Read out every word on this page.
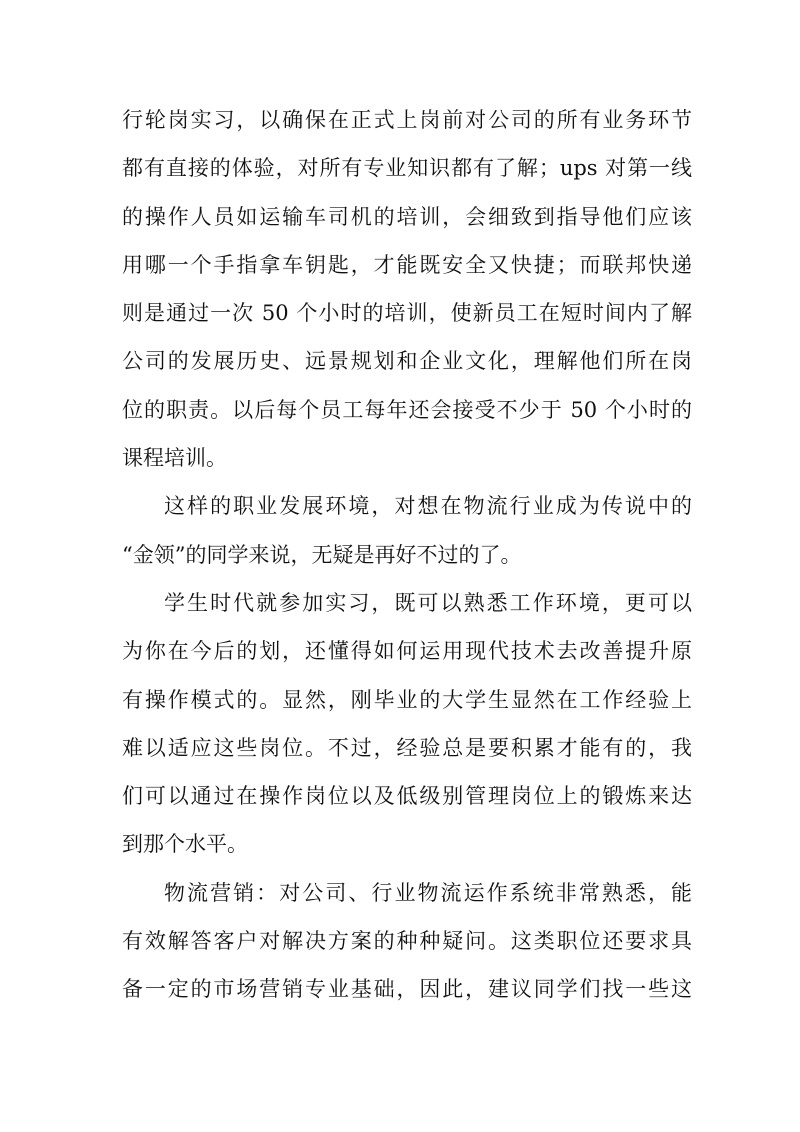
行轮岗实习，以确保在正式上岗前对公司的所有业务环节
都有直接的体验，对所有专业知识都有了解；ups 对第一线
的操作人员如运输车司机的培训，会细致到指导他们应该
用哪一个手指拿车钥匙，才能既安全又快捷；而联邦快递
则是通过一次 50 个小时的培训，使新员工在短时间内了解
公司的发展历史、远景规划和企业文化，理解他们所在岗
位的职责。以后每个员工每年还会接受不少于 50 个小时的
课程培训。
这样的职业发展环境，对想在物流行业成为传说中的
“金领”的同学来说，无疑是再好不过的了。
学生时代就参加实习，既可以熟悉工作环境，更可以
为你在今后的划，还懂得如何运用现代技术去改善提升原
有操作模式的。显然，刚毕业的大学生显然在工作经验上
难以适应这些岗位。不过，经验总是要积累才能有的，我
们可以通过在操作岗位以及低级别管理岗位上的锻炼来达
到那个水平。
物流营销：对公司、行业物流运作系统非常熟悉，能
有效解答客户对解决方案的种种疑问。这类职位还要求具
备一定的市场营销专业基础，因此，建议同学们找一些这
